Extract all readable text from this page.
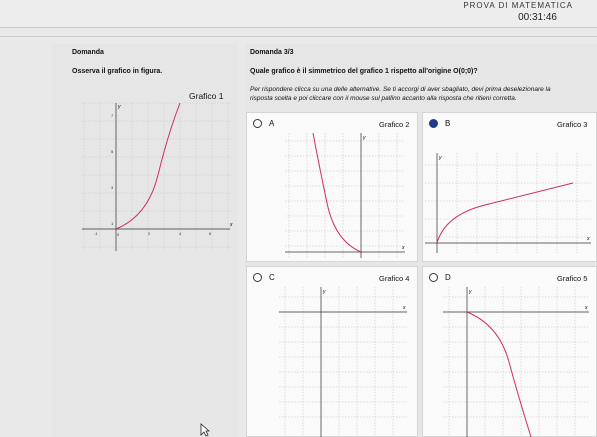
PROVA DI MATEMATICA
00:31:46
Domanda
Osserva il grafico in figura.
Grafico 1
0	2	4	6
1
3
5
7
-1
x
y
Domanda 3/3
Quale grafico è il simmetrico del grafico 1 rispetto all'origine O(0;0)?
Per rispondere clicca su una delle alternative. Se ti accorgi di aver sbagliato, devi prima deselezionare la
risposta scelta e poi cliccare con il mouse sul pallino accanto alla risposta che ritieni corretta.
A	Grafico 2
x
y
B	Grafico 3
x
y
C	Grafico 4
x
y
D	Grafico 5
x
y
